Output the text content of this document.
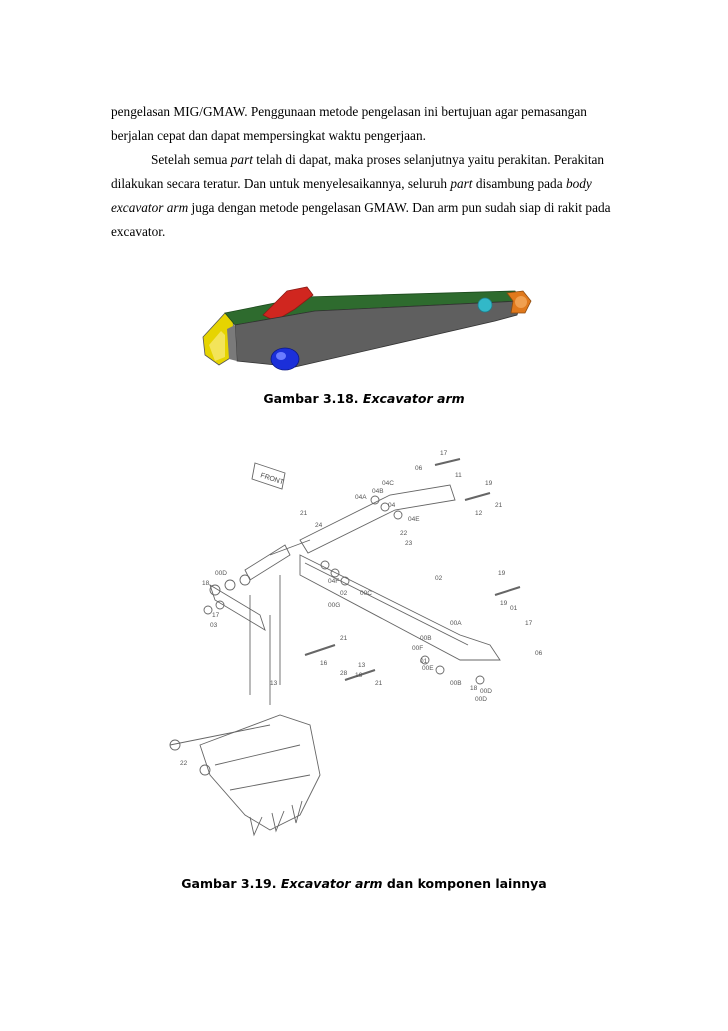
pengelasan MIG/GMAW. Penggunaan metode pengelasan ini bertujuan agar pemasangan berjalan cepat dan dapat mempersingkat waktu pengerjaan.

Setelah semua part telah di dapat, maka proses selanjutnya yaitu perakitan. Perakitan dilakukan secara teratur. Dan untuk menyelesaikannya, seluruh part disambung pada body excavator arm juga dengan metode pengelasan GMAW. Dan arm pun sudah siap di rakit pada excavator.

Gambar 3.18. Excavator arm
FRONT
17
11
19
12
21
06
04C
04B
04A
04
04E
21
24
22
23
04F
02
00G
00C
02
00A
00B
00F
00E
00B
00D
00D
03
18
19
19
13
17
01
06
21
16	13
28
21
16
01
00D
18
22
17
Gambar 3.19. Excavator arm dan komponen lainnya
